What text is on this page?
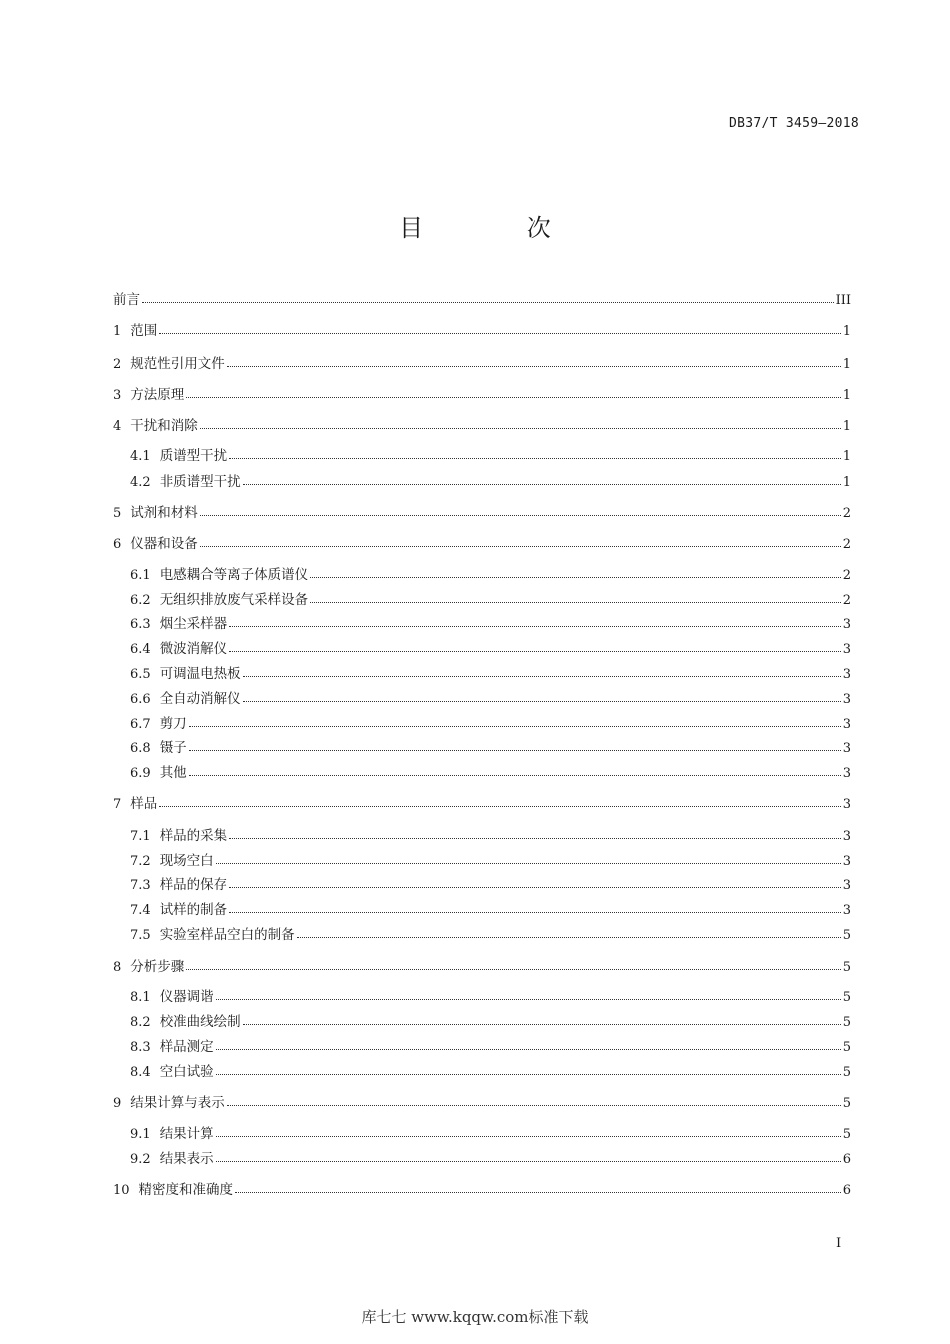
DB37/T 3459—2018
目 次
前言	III
1 范围	1
2 规范性引用文件	1
3 方法原理	1
4 干扰和消除	1
4.1 质谱型干扰	1
4.2 非质谱型干扰	1
5 试剂和材料	2
6 仪器和设备	2
6.1 电感耦合等离子体质谱仪	2
6.2 无组织排放废气采样设备	2
6.3 烟尘采样器	3
6.4 微波消解仪	3
6.5 可调温电热板	3
6.6 全自动消解仪	3
6.7 剪刀	3
6.8 镊子	3
6.9 其他	3
7 样品	3
7.1 样品的采集	3
7.2 现场空白	3
7.3 样品的保存	3
7.4 试样的制备	3
7.5 实验室样品空白的制备	5
8 分析步骤	5
8.1 仪器调谐	5
8.2 校准曲线绘制	5
8.3 样品测定	5
8.4 空白试验	5
9 结果计算与表示	5
9.1 结果计算	5
9.2 结果表示	6
10 精密度和准确度	6
I
库七七 www.kqqw.com标准下载
